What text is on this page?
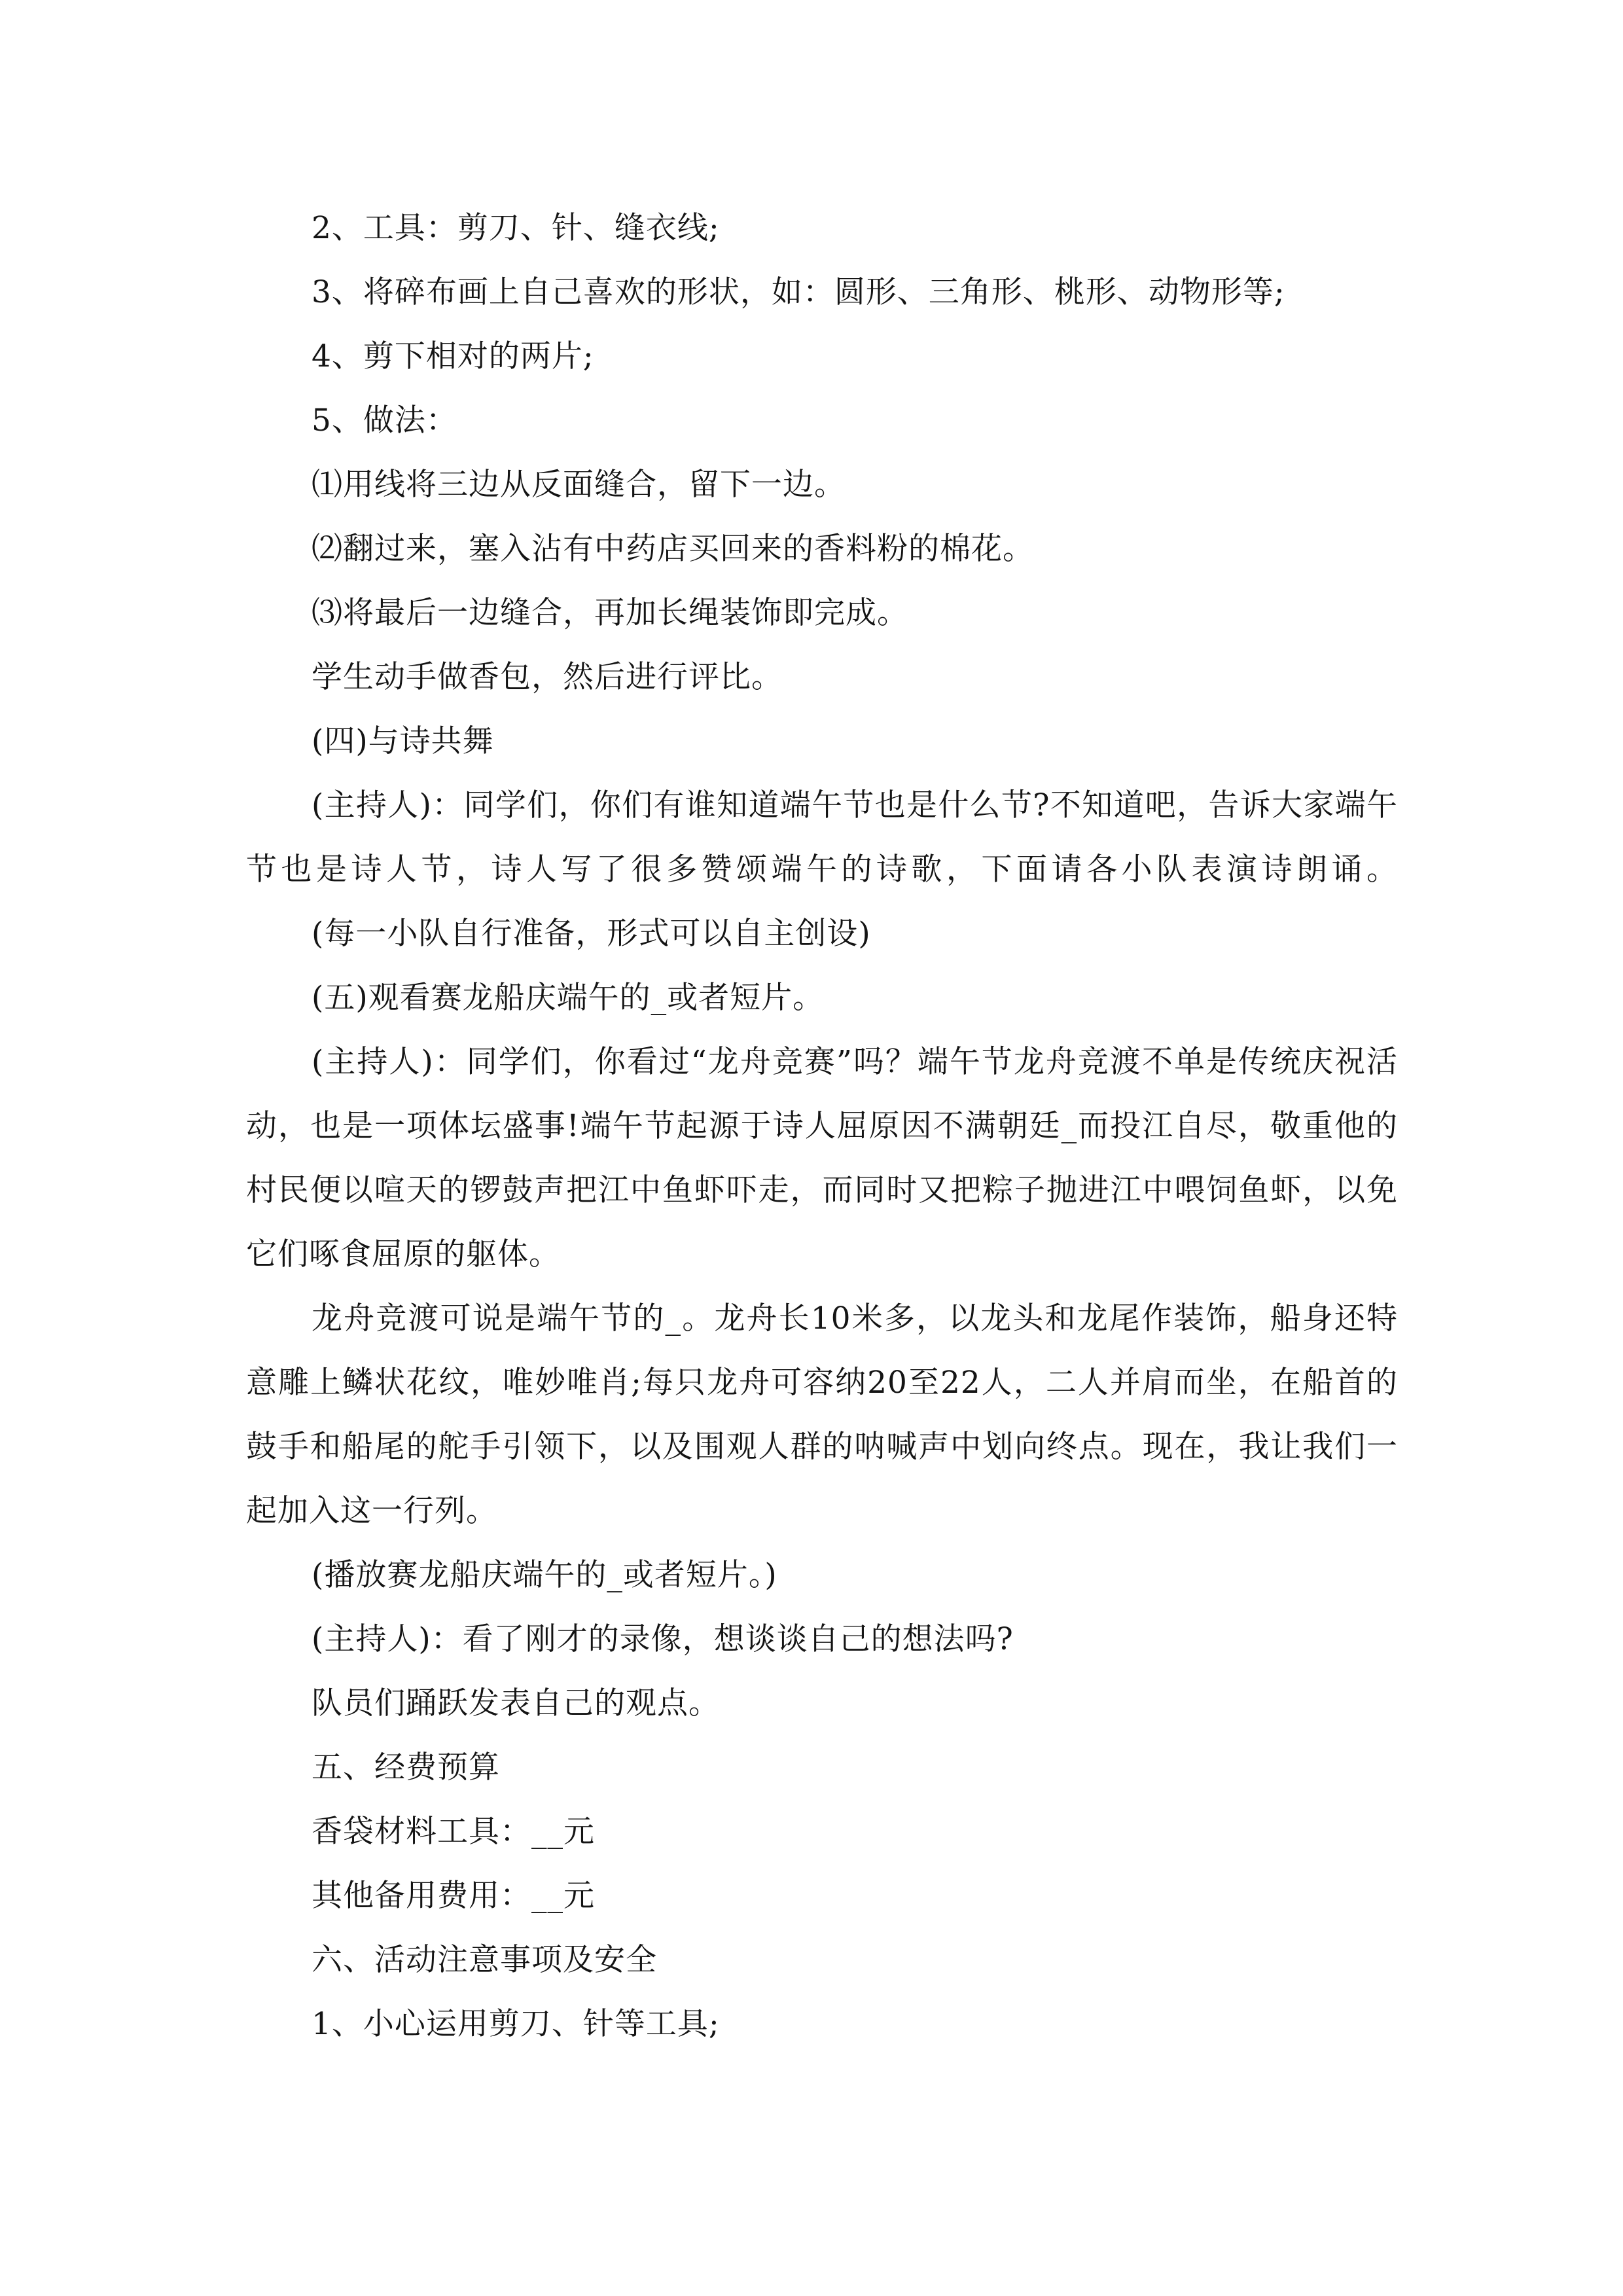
2、工具：剪刀、针、缝衣线;

3、将碎布画上自己喜欢的形状，如：圆形、三角形、桃形、动物形等;

4、剪下相对的两片;

5、做法：

⑴用线将三边从反面缝合，留下一边。

⑵翻过来，塞入沾有中药店买回来的香料粉的棉花。

⑶将最后一边缝合，再加长绳装饰即完成。

学生动手做香包，然后进行评比。

(四)与诗共舞

(主持人)：同学们，你们有谁知道端午节也是什么节?不知道吧，告诉大家端午节也是诗人节，诗人写了很多赞颂端午的诗歌，下面请各小队表演诗朗诵。

(每一小队自行准备，形式可以自主创设)

(五)观看赛龙船庆端午的_或者短片。

(主持人)：同学们，你看过“龙舟竞赛”吗？端午节龙舟竞渡不单是传统庆祝活动，也是一项体坛盛事!端午节起源于诗人屈原因不满朝廷_而投江自尽，敬重他的村民便以喧天的锣鼓声把江中鱼虾吓走，而同时又把粽子抛进江中喂饲鱼虾，以免它们啄食屈原的躯体。

龙舟竞渡可说是端午节的_。龙舟长10米多，以龙头和龙尾作装饰，船身还特意雕上鳞状花纹，唯妙唯肖;每只龙舟可容纳20至22人，二人并肩而坐，在船首的鼓手和船尾的舵手引领下，以及围观人群的呐喊声中划向终点。现在，我让我们一起加入这一行列。

(播放赛龙船庆端午的_或者短片。)

(主持人)：看了刚才的录像，想谈谈自己的想法吗?

队员们踊跃发表自己的观点。

五、经费预算

香袋材料工具：__元

其他备用费用：__元

六、活动注意事项及安全

1、小心运用剪刀、针等工具;
